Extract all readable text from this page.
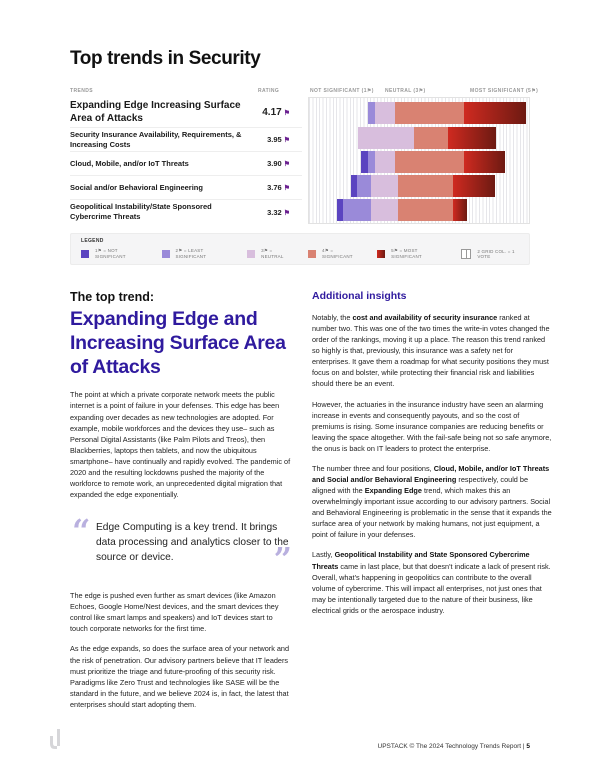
Top trends in Security
TRENDS	RATING	NOT SIGNIFICANT (1⚑) NEUTRAL (3⚑)	MOST SIGNIFICANT (5⚑)
Expanding Edge Increasing Surface Area of Attacks	4.17 ⚑
Security Insurance Availability, Requirements, & Increasing Costs	3.95 ⚑
Cloud, Mobile, and/or IoT Threats	3.90 ⚑
Social and/or Behavioral Engineering	3.76 ⚑
Geopolitical Instability/State Sponsored Cybercrime Threats	3.32 ⚑
LEGEND
1⚑ = NOT SIGNIFICANT
2⚑ = LEAST SIGNIFICANT
3⚑ = NEUTRAL
4⚑ = SIGNIFICANT
5⚑ = MOST SIGNIFICANT
2 GRID COL. = 1 VOTE
The top trend:
Expanding Edge and Increasing Surface Area of Attacks

The point at which a private corporate network meets the public internet is a point of failure in your defenses. This edge has been expanding over decades as new technologies are adopted. For example, mobile workforces and the devices they use– such as Personal Digital Assistants (like Palm Pilots and Treos), then Blackberries, laptops then tablets, and now the ubiquitous smartphone– have continually and rapidly evolved. The pandemic of 2020 and the resulting lockdowns pushed the majority of the workforce to remote work, an unprecedented digital migration that expanded the edge exponentially.

“ Edge Computing is a key trend. It brings data processing and analytics closer to the source or device.	”

The edge is pushed even further as smart devices (like Amazon Echoes, Google Home/Nest devices, and the smart devices they control like smart lamps and speakers) and IoT devices start to touch corporate networks for the first time.

As the edge expands, so does the surface area of your network and the risk of penetration. Our advisory partners believe that IT leaders must prioritize the triage and future-proofing of this security risk. Paradigms like Zero Trust and technologies like SASE will be the standard in the future, and we believe 2024 is, in fact, the latest that enterprises should start adopting them.

Additional insights

Notably, the cost and availability of security insurance ranked at number two. This was one of the two times the write-in votes changed the order of the rankings, moving it up a place. The reason this trend ranked so highly is that, previously, this insurance was a safety net for enterprises. It gave them a roadmap for what security positions they must focus on and bolster, while protecting their financial risk and liabilities should there be an event.

However, the actuaries in the insurance industry have seen an alarming increase in events and consequently payouts, and so the cost of premiums is rising. Some insurance companies are reducing benefits or leaving the space altogether. With the fail-safe being not so safe anymore, the onus is back on IT leaders to protect the enterprise.

The number three and four positions, Cloud, Mobile, and/or IoT Threats and Social and/or Behavioral Engineering respectively, could be aligned with the Expanding Edge trend, which makes this an overwhelmingly important issue according to our advisory partners. Social and Behavioral Engineering is problematic in the sense that it expands the surface area of your network by making humans, not just equipment, a point of failure in your defenses.

Lastly, Geopolitical Instability and State Sponsored Cybercrime Threats came in last place, but that doesn't indicate a lack of present risk. Overall, what's happening in geopolitics can contribute to the overall volume of cybercrime. This will impact all enterprises, not just ones that may be intentionally targeted due to the nature of their business, like electrical grids or the aerospace industry.

UPSTACK © The 2024 Technology Trends Report | 5
